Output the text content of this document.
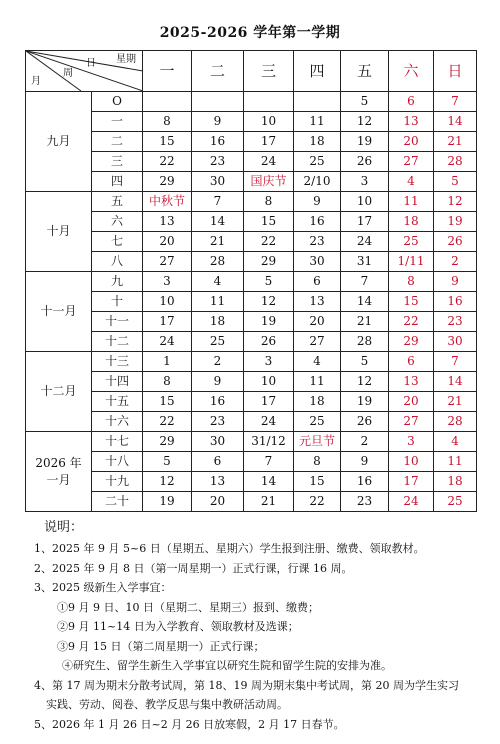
2025-2026 学年第一学期
月
周
日 星期		一	二	三	四	五	六	日
九月	O					5	6	7
	一	8	9	10	11	12	13	14
	二	15	16	17	18	19	20	21
	三	22	23	24	25	26	27	28
	四	29	30	国庆节	2/10	3	4	5
十月	五	中秋节	7	8	9	10	11	12
	六	13	14	15	16	17	18	19
	七	20	21	22	23	24	25	26
	八	27	28	29	30	31	1/11	2
十一月	九	3	4	5	6	7	8	9
	十	10	11	12	13	14	15	16
	十一	17	18	19	20	21	22	23
	十二	24	25	26	27	28	29	30
十二月	十三	1	2	3	4	5	6	7
	十四	8	9	10	11	12	13	14
	十五	15	16	17	18	19	20	21
	十六	22	23	24	25	26	27	28
2026 年
一月	十七	29	30	31/12	元旦节	2	3	4
	十八	5	6	7	8	9	10	11
	十九	12	13	14	15	16	17	18
	二十	19	20	21	22	23	24	25
说明：
1、2025 年 9 月 5~6 日（星期五、星期六）学生报到注册、缴费、领取教材。
2、2025 年 9 月 8 日（第一周星期一）正式行课，行课 16 周。
3、2025 级新生入学事宜：
①9 月 9 日、10 日（星期二、星期三）报到、缴费；
②9 月 11~14 日为入学教育、领取教材及选课；
③9 月 15 日（第二周星期一）正式行课；
④研究生、留学生新生入学事宜以研究生院和留学生院的安排为准。
4、第 17 周为期末分散考试周，第 18、19 周为期末集中考试周，第 20 周为学生实习
实践、劳动、阅卷、教学反思与集中教研活动周。
5、2026 年 1 月 26 日~2 月 26 日放寒假，2 月 17 日春节。
